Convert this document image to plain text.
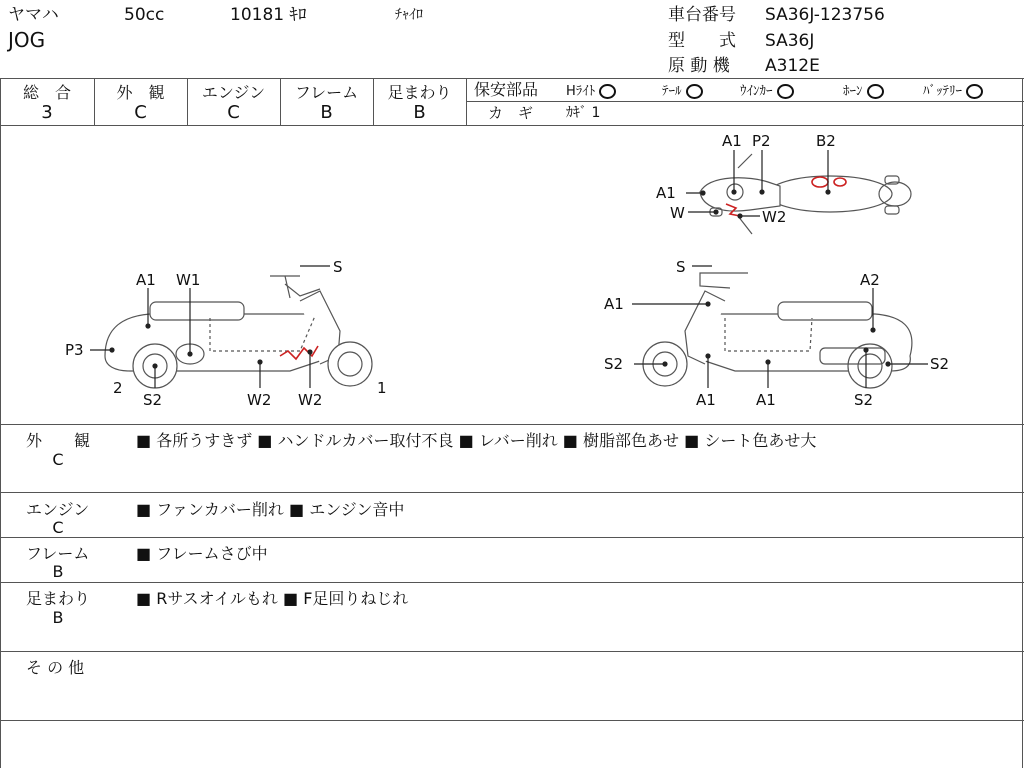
ヤマハ	50cc	10181 ｷﾛ	ﾁｬｲﾛ
JOG
車台番号 SA36J-123756
型　　式 SA36J
原 動 機 A312E
総　合	外　観	エンジン	フレーム	足まわり
3	C	C	B	B
保安部品 Hﾗｲﾄ	ﾃｰﾙ	ｳｲﾝｶｰ	ﾎｰﾝ	ﾊﾞｯﾃﾘｰ
カ　ギ ｶｷﾞ 1
A1 W1
S
P3
2
S2	W2 W2
1
S
A2
A1
S2	S2
A1	A1	S2
A1 P2	B2
A1
W	W2
外　　観
C
■ 各所うすきず ■ ハンドルカバー取付不良 ■ レバー削れ ■ 樹脂部色あせ ■ シート色あせ大
エンジン
C
■ ファンカバー削れ ■ エンジン音中
フレーム
B
■ フレームさび中
足まわり
B
■ Rサスオイルもれ ■ F足回りねじれ
そ の 他
